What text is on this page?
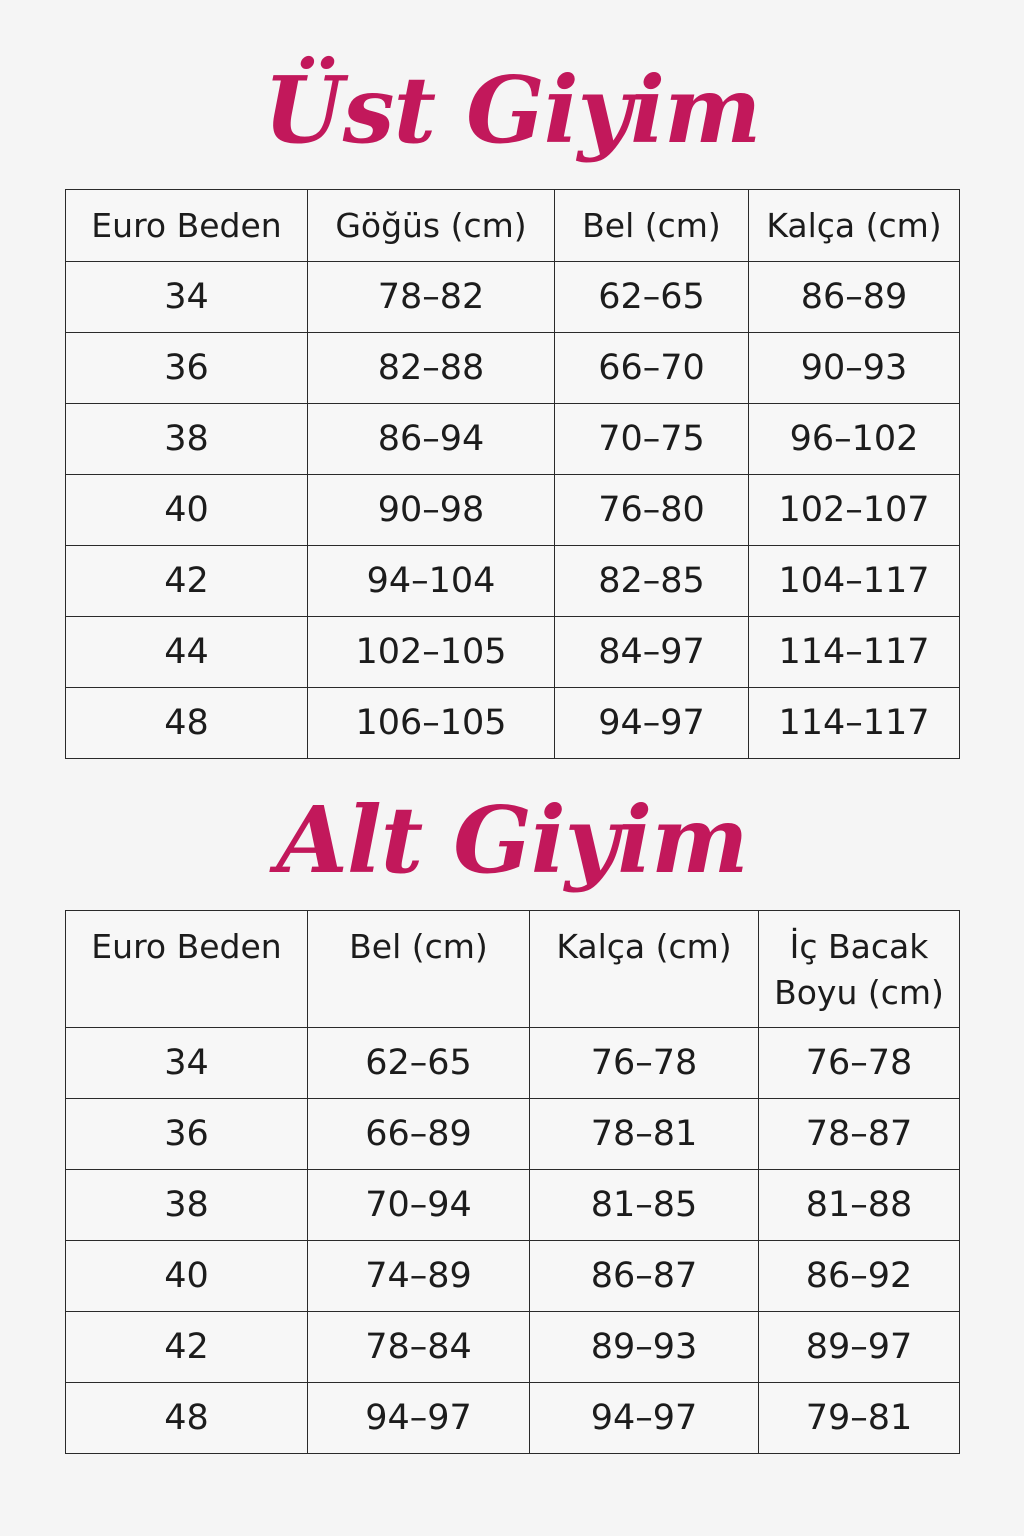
Üst Giyim
Euro Beden	Göğüs (cm)	Bel (cm)	Kalça (cm)
34	78–82	62–65	86–89
36	82–88	66–70	90–93
38	86–94	70–75	96–102
40	90–98	76–80	102–107
42	94–104	82–85	104–117
44	102–105	84–97	114–117
48	106–105	94–97	114–117
Alt Giyim
Euro Beden	Bel (cm)	Kalça (cm)	İç Bacak Boyu (cm)
34	62–65	76–78	76–78
36	66–89	78–81	78–87
38	70–94	81–85	81–88
40	74–89	86–87	86–92
42	78–84	89–93	89–97
48	94–97	94–97	79–81
